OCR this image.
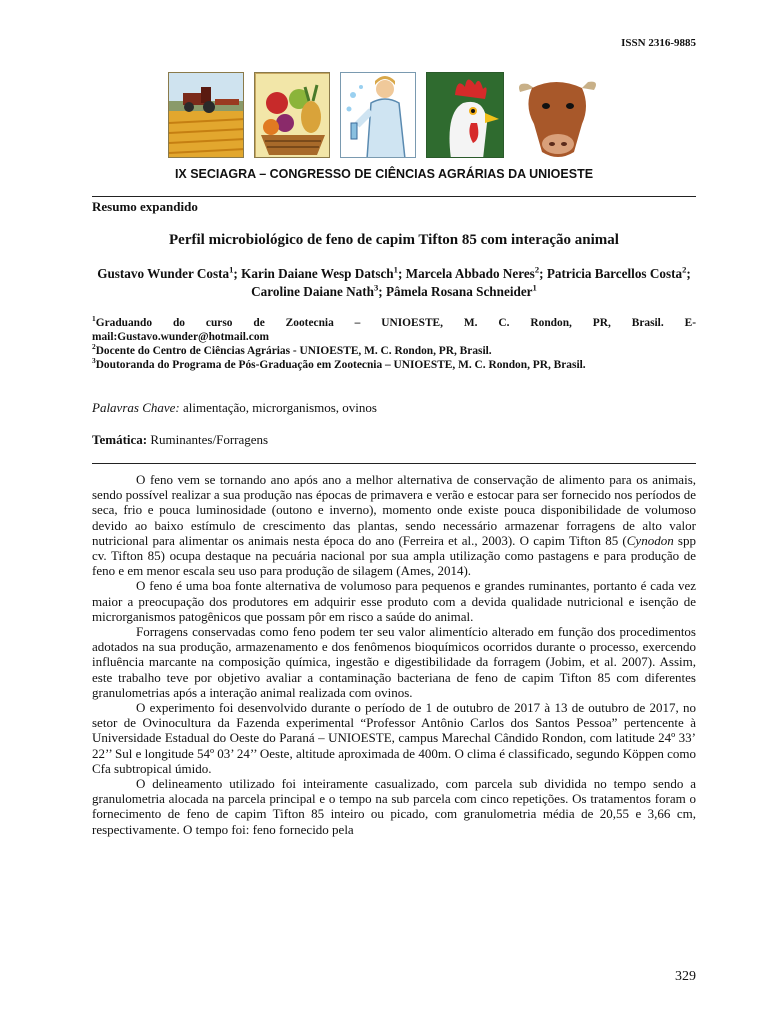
ISSN 2316-9885
IX SECIAGRA – CONGRESSO DE CIÊNCIAS AGRÁRIAS DA UNIOESTE
Resumo expandido
Perfil microbiológico de feno de capim Tifton 85 com interação animal
Gustavo Wunder Costa$^1$; Karin Daiane Wesp Datsch$^1$; Marcela Abbado Neres$^2$; Patricia Barcellos Costa$^2$; Caroline Daiane Nath$^3$; Pâmela Rosana Schneider$^1$

$^1$Graduando do curso de Zootecnia – UNIOESTE, M. C. Rondon, PR, Brasil. E-

mail:Gustavo.wunder@hotmail.com

$^2$Docente do Centro de Ciências Agrárias - UNIOESTE, M. C. Rondon, PR, Brasil.

$^3$Doutoranda do Programa de Pós-Graduação em Zootecnia – UNIOESTE, M. C. Rondon, PR, Brasil.

Palavras Chave: alimentação, microrganismos, ovinos
Temática: Ruminantes/Forragens

O feno vem se tornando ano após ano a melhor alternativa de conservação de alimento para os animais, sendo possível realizar a sua produção nas épocas de primavera e verão e estocar para ser fornecido nos períodos de seca, frio e pouca luminosidade (outono e inverno), momento onde existe pouca disponibilidade de volumoso devido ao baixo estímulo de crescimento das plantas, sendo necessário armazenar forragens de alto valor nutricional para alimentar os animais nesta época do ano (Ferreira et al., 2003). O capim Tifton 85 (Cynodon spp cv. Tifton 85) ocupa destaque na pecuária nacional por sua ampla utilização como pastagens e para produção de feno e em menor escala seu uso para produção de silagem (Ames, 2014).

O feno é uma boa fonte alternativa de volumoso para pequenos e grandes ruminantes, portanto é cada vez maior a preocupação dos produtores em adquirir esse produto com a devida qualidade nutricional e isenção de microrganismos patogênicos que possam pôr em risco a saúde do animal.

Forragens conservadas como feno podem ter seu valor alimentício alterado em função dos procedimentos adotados na sua produção, armazenamento e dos fenômenos bioquímicos ocorridos durante o processo, exercendo influência marcante na composição química, ingestão e digestibilidade da forragem (Jobim, et al. 2007). Assim, este trabalho teve por objetivo avaliar a contaminação bacteriana de feno de capim Tifton 85 com diferentes granulometrias após a interação animal realizada com ovinos.

O experimento foi desenvolvido durante o período de 1 de outubro de 2017 à 13 de outubro de 2017, no setor de Ovinocultura da Fazenda experimental “Professor Antônio Carlos dos Santos Pessoa” pertencente à Universidade Estadual do Oeste do Paraná – UNIOESTE, campus Marechal Cândido Rondon, com latitude 24º 33’ 22’’ Sul e longitude 54º 03’ 24’’ Oeste, altitude aproximada de 400m. O clima é classificado, segundo Köppen como Cfa subtropical úmido.

O delineamento utilizado foi inteiramente casualizado, com parcela sub dividida no tempo sendo a granulometria alocada na parcela principal e o tempo na sub parcela com cinco repetições. Os tratamentos foram o fornecimento de feno de capim Tifton 85 inteiro ou picado, com granulometria média de 20,55 e 3,66 cm, respectivamente. O tempo foi: feno fornecido pela

329
